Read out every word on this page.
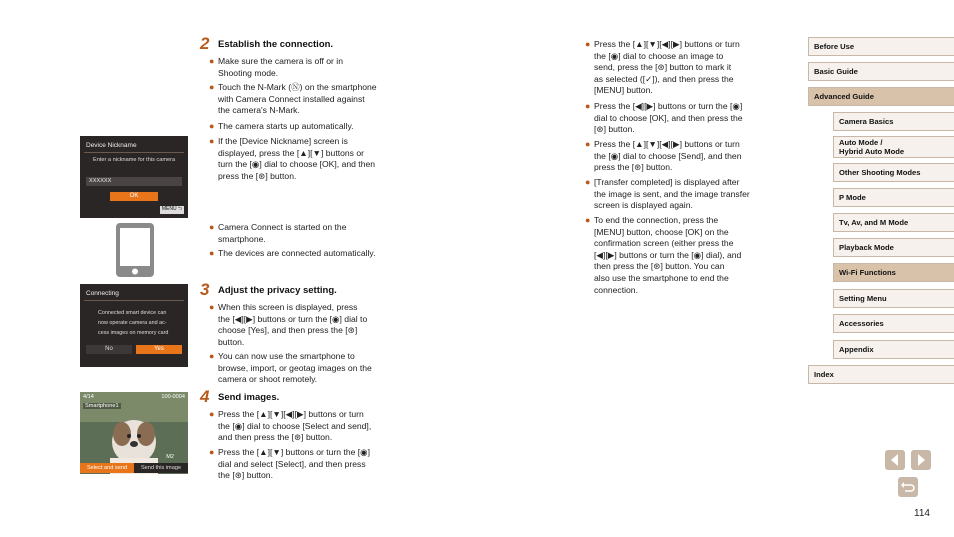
2 Establish the connection.
● Make sure the camera is off or in
Shooting mode.
● Touch the N-Mark (Ⓝ) on the smartphone
with Camera Connect installed against
the camera's N-Mark.
● The camera starts up automatically.
● If the [Device Nickname] screen is
displayed, press the [▲][▼] buttons or
turn the [◉] dial to choose [OK], and then
press the [⊛] button.
● Camera Connect is started on the
smartphone.
● The devices are connected automatically.
Device Nickname
Enter a nickname for this camera
XXXXXX
OK
MENU ⮌
3 Adjust the privacy setting.
● When this screen is displayed, press
the [◀][▶] buttons or turn the [◉] dial to
choose [Yes], and then press the [⊛]
button.
● You can now use the smartphone to
browse, import, or geotag images on the
camera or shoot remotely.
Connecting
Connected smart device can
now operate camera and ac-
cess images on memory card
No	Yes
4 Send images.
● Press the [▲][▼][◀][▶] buttons or turn
the [◉] dial to choose [Select and send],
and then press the [⊛] button.
● Press the [▲][▼] buttons or turn the [◉]
dial and select [Select], and then press
the [⊛] button.
4/14	100-0004
Smartphone1
M2
Select and send	Send this image
● Press the [▲][▼][◀][▶] buttons or turn
the [◉] dial to choose an image to
send, press the [⊛] button to mark it
as selected ([✓]), and then press the
[MENU] button.
● Press the [◀][▶] buttons or turn the [◉]
dial to choose [OK], and then press the
[⊛] button.
● Press the [▲][▼][◀][▶] buttons or turn
the [◉] dial to choose [Send], and then
press the [⊛] button.
● [Transfer completed] is displayed after
the image is sent, and the image transfer
screen is displayed again.
● To end the connection, press the
[MENU] button, choose [OK] on the
confirmation screen (either press the
[◀][▶] buttons or turn the [◉] dial), and
then press the [⊛] button. You can
also use the smartphone to end the
connection.
Before Use
Basic Guide
Advanced Guide
Camera Basics
Auto Mode /
Hybrid Auto Mode
Other Shooting Modes
P Mode
Tv, Av, and M Mode
Playback Mode
Wi-Fi Functions
Setting Menu
Accessories
Appendix
Index
114
